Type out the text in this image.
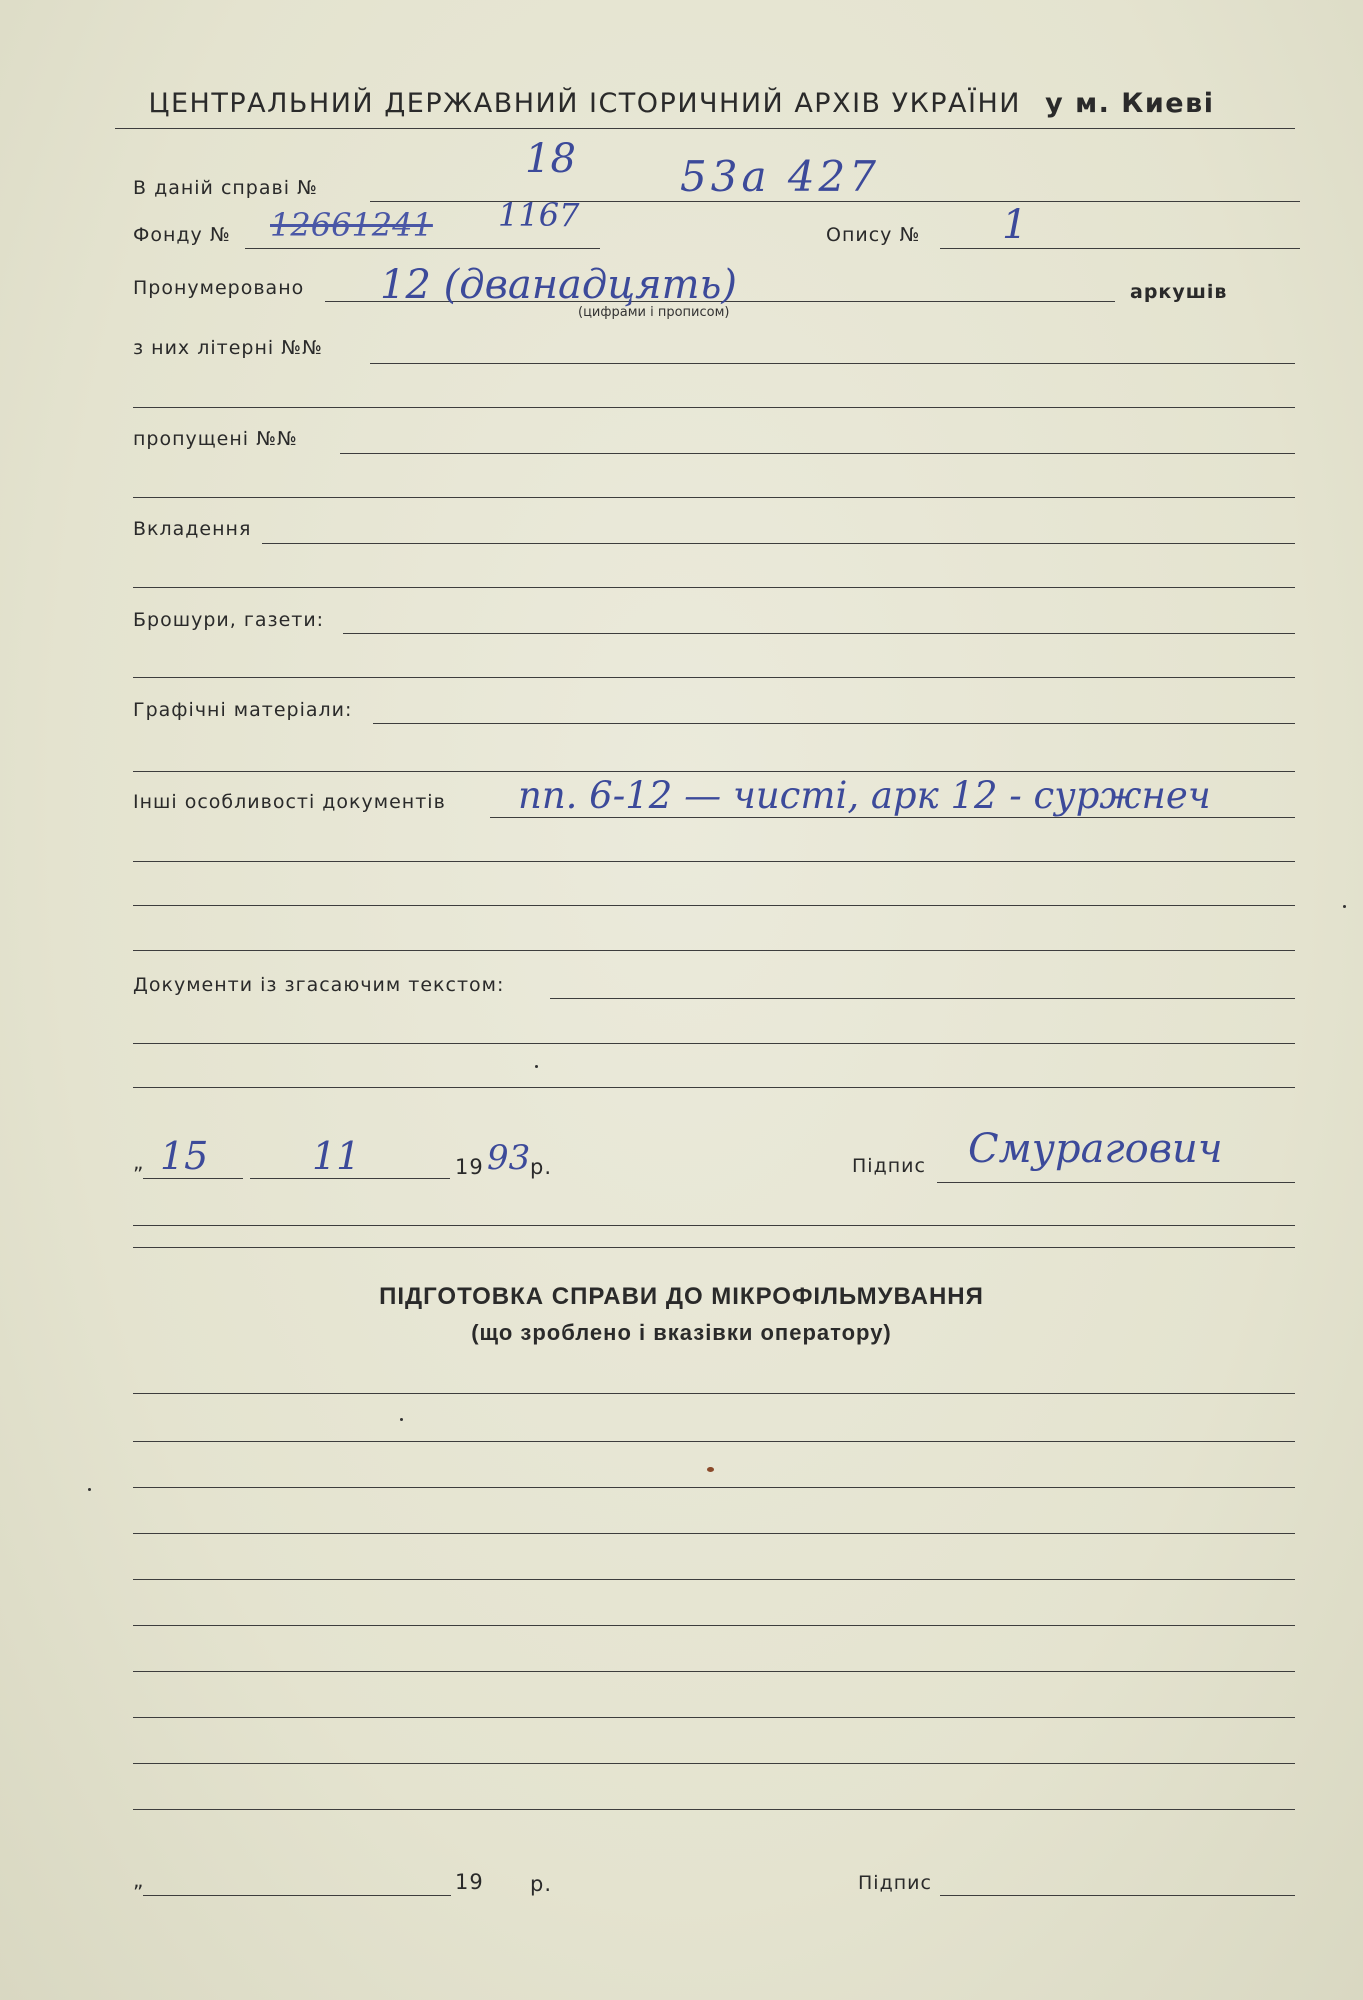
ЦЕНТРАЛЬНИЙ ДЕРЖАВНИЙ ІСТОРИЧНИЙ АРХІВ УКРАЇНИ у м. Киеві
В даній справі №
18 53а 427
Фонду № 12661241 1167
Опису № 1
Пронумеровано 12 (дванадцять)
(цифрами і прописом)
аркушів
з них літерні №№
пропущені №№
Вкладення
Брошури, газети:
Графічні матеріали:
Інші особливості документів пп. 6-12 — чисті, арк 12 - суржнеч
Документи із згасаючим текстом:
„ 15	11	19 93 р.	Підпис Смурагович
ПІДГОТОВКА СПРАВИ ДО МІКРОФІЛЬМУВАННЯ
(що зроблено і вказівки оператору)
„	19 р.	Підпис
